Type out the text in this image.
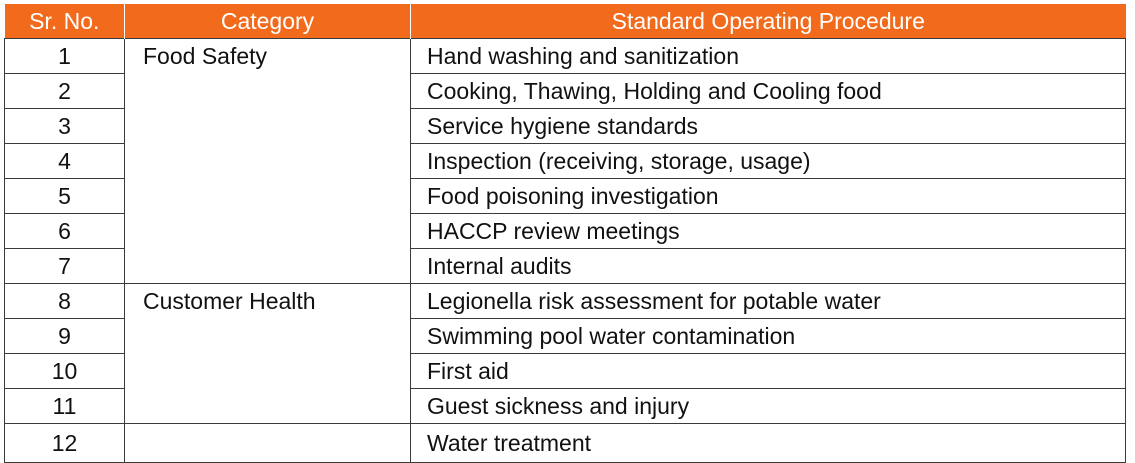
Sr. No.	Category	Standard Operating Procedure
1	Food Safety	Hand washing and sanitization
2		Cooking, Thawing, Holding and Cooling food
3		Service hygiene standards
4		Inspection (receiving, storage, usage)
5		Food poisoning investigation
6		HACCP review meetings
7		Internal audits
8	Customer Health	Legionella risk assessment for potable water
9		Swimming pool water contamination
10		First aid
11		Guest sickness and injury
12		Water treatment
